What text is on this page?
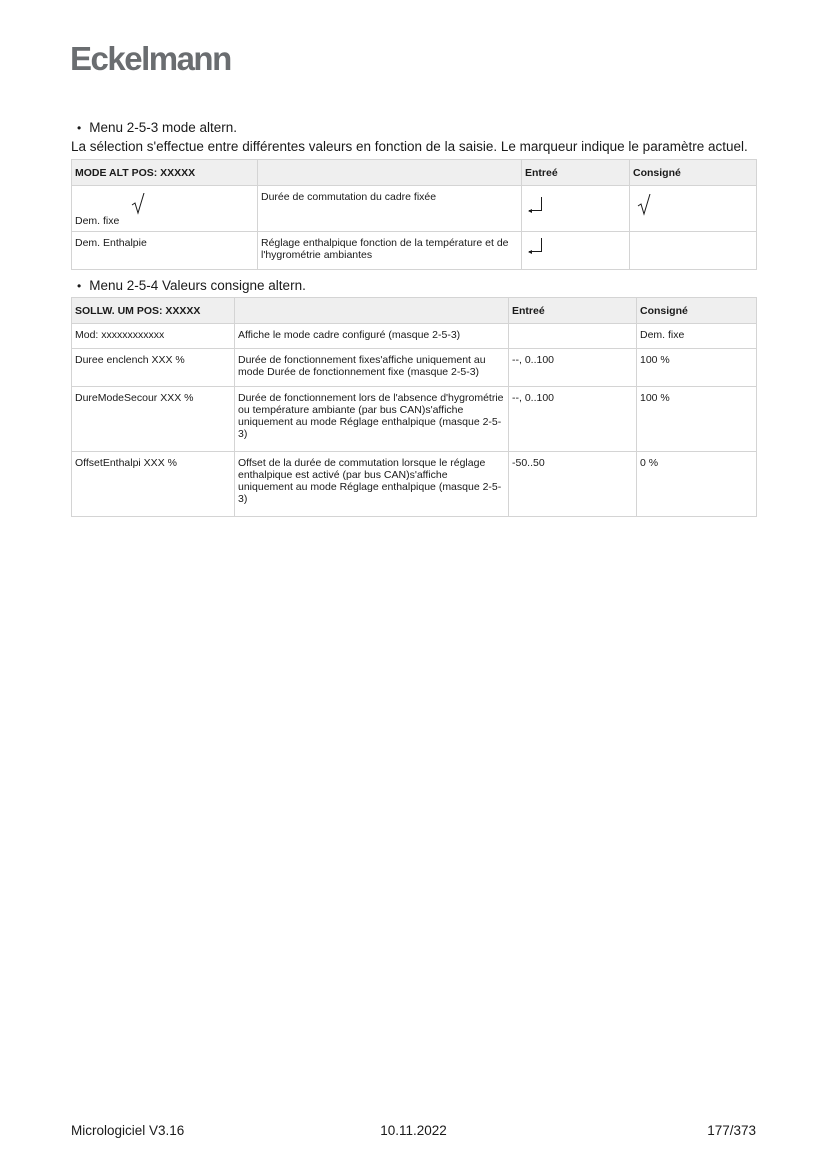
Eckelmann
• Menu 2-5-3 mode altern.

La sélection s'effectue entre différentes valeurs en fonction de la saisie. Le marqueur indique le paramètre actuel.

MODE ALT POS: XXXXX		Entreé	Consigné

Dem. fixe	Durée de commutation du cadre fixée	

Dem. Enthalpie	Réglage enthalpique fonction de la température et de l'hygrométrie ambiantes	

• Menu 2-5-4 Valeurs consigne altern.
SOLLW. UM POS: XXXXX		Entreé	Consigné
Mod: xxxxxxxxxxxx	Affiche le mode cadre configuré (masque 2-5-3)		Dem. fixe
Duree enclench XXX %	Durée de fonctionnement fixes'affiche uniquement au mode Durée de fonctionnement fixe (masque 2-5-3)	--, 0..100	100 %
DureModeSecour XXX %	Durée de fonctionnement lors de l'absence d'hygrométrie ou température ambiante (par bus CAN)s'affiche uniquement au mode Réglage enthalpique (masque 2-5-3)	--, 0..100	100 %
OffsetEnthalpi XXX %	Offset de la durée de commutation lorsque le réglage enthalpique est activé (par bus CAN)s'affiche uniquement au mode Réglage enthalpique (masque 2-5-3)	-50..50	0 %
Micrologiciel V3.16	10.11.2022	177/373
